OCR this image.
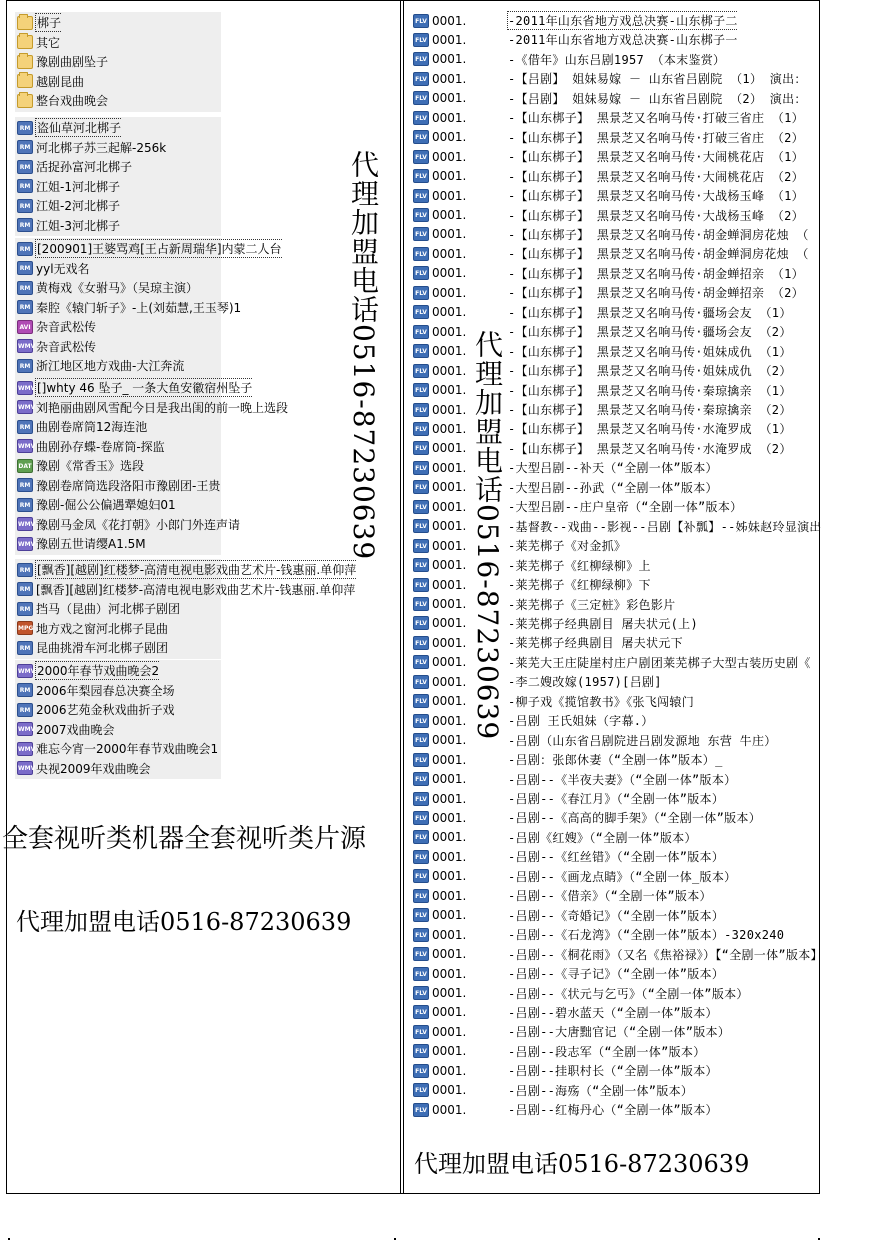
梆子
其它
豫剧曲剧坠子
越剧昆曲
整台戏曲晚会
RM 盗仙草河北梆子
RM 河北梆子苏三起解-256k
RM 活捉孙富河北梆子
RM 江姐-1河北梆子
RM 江姐-2河北梆子
RM 江姐-3河北梆子
RM [200901]王婆骂鸡[王占新周瑞华]内蒙二人台
RM yyl无戏名
RM 黄梅戏《女驸马》（吴琼主演）
RM 秦腔《辕门斩子》-上(刘茹慧,王玉琴)1
AVI 杂音武松传
WMV 杂音武松传
RM 浙江地区地方戏曲-大江奔流
WMV []whty 46 坠子_ 一条大鱼安徽宿州坠子
WMV 刘艳丽曲剧风雪配今日是我出闺的前一晚上选段
RM 曲剧卷席筒12海连池
WMV 曲剧孙存蝶-卷席筒-探监
DAT 豫剧《常香玉》选段
RM 豫剧卷席筒选段洛阳市豫剧团-王贵
RM 豫剧-倔公公偏遇犟媳妇01
WMV 豫剧马金凤《花打朝》小郎门外连声请
WMV 豫剧五世请缨A1.5M
RM [飘香][越剧]红楼梦-高清电视电影戏曲艺术片-钱惠丽.单仰萍
RM [飘香][越剧]红楼梦-高清电视电影戏曲艺术片-钱惠丽.单仰萍
RM 挡马（昆曲）河北梆子剧团
MPG 地方戏之窗河北梆子昆曲
RM 昆曲挑滑车河北梆子剧团
WMV 2000年春节戏曲晚会2
RM 2006年梨园春总决赛全场
RM 2006艺苑金秋戏曲折子戏
WMV 2007戏曲晚会
WMV 难忘今宵一2000年春节戏曲晚会1
WMV 央视2009年戏曲晚会
FLV 0001.	-2011年山东省地方戏总决赛-山东梆子二
FLV 0001.	-2011年山东省地方戏总决赛-山东梆子一
FLV 0001.	-《借年》山东吕剧1957 （本末鉴赏）
FLV 0001.	-【吕剧】 姐妹易嫁 － 山东省吕剧院 （1） 演出：
FLV 0001.	-【吕剧】 姐妹易嫁 － 山东省吕剧院 （2） 演出：
FLV 0001.	-【山东梆子】 黑景芝又名响马传·打破三省庄 （1）
FLV 0001.	-【山东梆子】 黑景芝又名响马传·打破三省庄 （2）
FLV 0001.	-【山东梆子】 黑景芝又名响马传·大闹桃花店 （1）
FLV 0001.	-【山东梆子】 黑景芝又名响马传·大闹桃花店 （2）
FLV 0001.	-【山东梆子】 黑景芝又名响马传·大战杨玉峰 （1）
FLV 0001.	-【山东梆子】 黑景芝又名响马传·大战杨玉峰 （2）
FLV 0001.	-【山东梆子】 黑景芝又名响马传·胡金蝉洞房花烛 （
FLV 0001.	-【山东梆子】 黑景芝又名响马传·胡金蝉洞房花烛 （
FLV 0001.	-【山东梆子】 黑景芝又名响马传·胡金蝉招亲 （1）
FLV 0001.	-【山东梆子】 黑景芝又名响马传·胡金蝉招亲 （2）
FLV 0001.	-【山东梆子】 黑景芝又名响马传·疆场会友 （1）
FLV 0001.	-【山东梆子】 黑景芝又名响马传·疆场会友 （2）
FLV 0001.	-【山东梆子】 黑景芝又名响马传·姐妹成仇 （1）
FLV 0001.	-【山东梆子】 黑景芝又名响马传·姐妹成仇 （2）
FLV 0001.	-【山东梆子】 黑景芝又名响马传·秦琼擒亲 （1）
FLV 0001.	-【山东梆子】 黑景芝又名响马传·秦琼擒亲 （2）
FLV 0001.	-【山东梆子】 黑景芝又名响马传·水淹罗成 （1）
FLV 0001.	-【山东梆子】 黑景芝又名响马传·水淹罗成 （2）
FLV 0001.	-大型吕剧--补天（“全剧一体”版本）
FLV 0001.	-大型吕剧--孙武（“全剧一体”版本）
FLV 0001.	-大型吕剧--庄户皇帝（“全剧一体”版本）
FLV 0001.	-基督教--戏曲--影视--吕剧【补瓢】--姊妹赵玲显演出
FLV 0001.	-莱芜梆子《对金抓》
FLV 0001.	-莱芜梆子《红柳绿柳》上
FLV 0001.	-莱芜梆子《红柳绿柳》下
FLV 0001.	-莱芜梆子《三定桩》彩色影片
FLV 0001.	-莱芜梆子经典剧目 屠夫状元(上)
FLV 0001.	-莱芜梆子经典剧目 屠夫状元下
FLV 0001.	-莱芜大王庄陡崖村庄户剧团莱芜梆子大型古装历史剧《
FLV 0001.	-李二嫂改嫁(1957)[吕剧]
FLV 0001.	-柳子戏《揽馆教书》《张飞闯辕门
FLV 0001.	-吕剧 王氏姐妹（字幕.）
FLV 0001.	-吕剧（山东省吕剧院进吕剧发源地 东营 牛庄）
FLV 0001.	-吕剧：张郎休妻（“全剧一体”版本）_
FLV 0001.	-吕剧--《半夜夫妻》（“全剧一体”版本）
FLV 0001.	-吕剧--《春江月》（“全剧一体”版本）
FLV 0001.	-吕剧--《高高的脚手架》（“全剧一体”版本）
FLV 0001.	-吕剧《红嫂》（“全剧一体”版本）
FLV 0001.	-吕剧--《红丝错》（“全剧一体”版本）
FLV 0001.	-吕剧--《画龙点睛》（“全剧一体_版本）
FLV 0001.	-吕剧--《借亲》（“全剧一体”版本）
FLV 0001.	-吕剧--《奇婚记》（“全剧一体”版本）
FLV 0001.	-吕剧--《石龙湾》（“全剧一体”版本）-320x240
FLV 0001.	-吕剧--《桐花雨》（又名《焦裕禄》）【“全剧一体”版本】
FLV 0001.	-吕剧--《寻子记》（“全剧一体”版本）
FLV 0001.	-吕剧--《状元与乞丐》（“全剧一体”版本）
FLV 0001.	-吕剧--碧水蓝天（“全剧一体”版本）
FLV 0001.	-吕剧--大唐黜官记（“全剧一体”版本）
FLV 0001.	-吕剧--段志军（“全剧一体”版本）
FLV 0001.	-吕剧--挂职村长（“全剧一体”版本）
FLV 0001.	-吕剧--海殇（“全剧一体”版本）
FLV 0001.	-吕剧--红梅丹心（“全剧一体”版本）
代理加盟电话0516-87230639	代理加盟电话0516-87230639
全套视听类机器全套视听类片源
代理加盟电话0516-87230639
代理加盟电话0516-87230639
